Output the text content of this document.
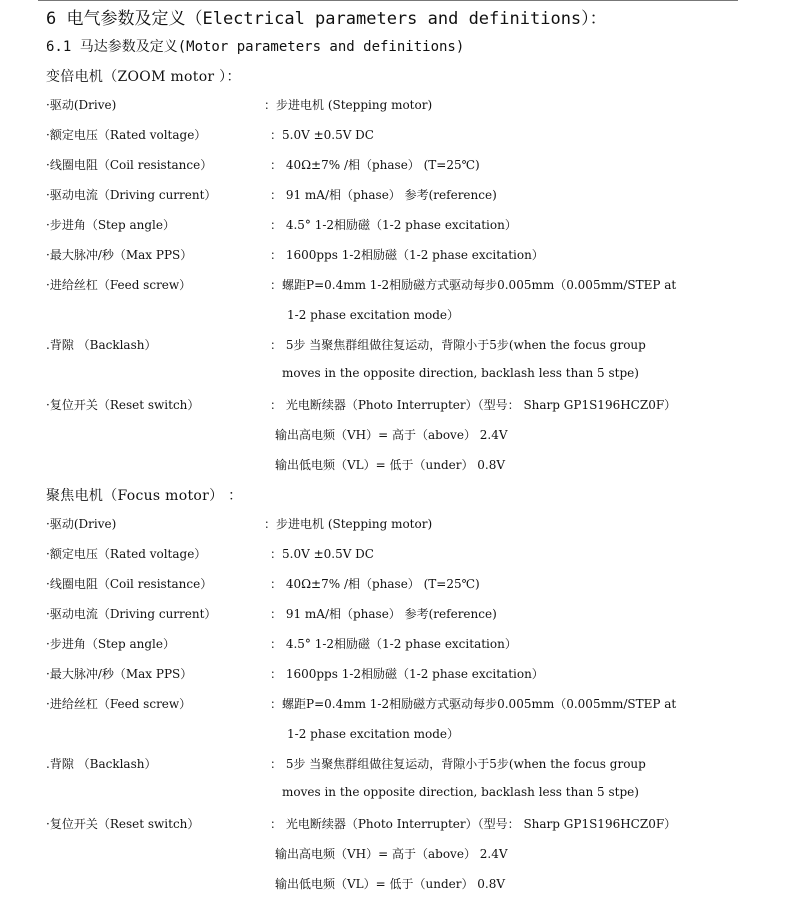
6 电气参数及定义（Electrical parameters and definitions）：
6.1 马达参数及定义(Motor parameters and definitions)
变倍电机（ZOOM motor ）：
·驱动(Drive)	：步进电机 (Stepping motor)
·额定电压（Rated voltage）	：5.0V ±0.5V DC
·线圈电阻（Coil resistance）	： 40Ω±7% /相（phase） (T=25℃)
·驱动电流（Driving current）	： 91 mA/相（phase） 参考(reference)
·步进角（Step angle）	： 4.5° 1-2相励磁（1-2 phase excitation）
·最大脉冲/秒（Max PPS）	： 1600pps 1-2相励磁（1-2 phase excitation）
·进给丝杠（Feed screw）	：螺距P=0.4mm 1-2相励磁方式驱动每步0.005mm（0.005mm/STEP at
1-2 phase excitation mode）
.背隙 （Backlash）	： 5步 当聚焦群组做往复运动，背隙小于5步(when the focus group
moves in the opposite direction, backlash less than 5 stpe)
·复位开关（Reset switch）	： 光电断续器（Photo Interrupter）（型号： Sharp GP1S196HCZ0F）
输出高电频（VH）= 高于（above） 2.4V
输出低电频（VL）= 低于（under） 0.8V
聚焦电机（Focus motor） ：
·驱动(Drive)	：步进电机 (Stepping motor)
·额定电压（Rated voltage）	：5.0V ±0.5V DC
·线圈电阻（Coil resistance）	： 40Ω±7% /相（phase） (T=25℃)
·驱动电流（Driving current）	： 91 mA/相（phase） 参考(reference)
·步进角（Step angle）	： 4.5° 1-2相励磁（1-2 phase excitation）
·最大脉冲/秒（Max PPS）	： 1600pps 1-2相励磁（1-2 phase excitation）
·进给丝杠（Feed screw）	：螺距P=0.4mm 1-2相励磁方式驱动每步0.005mm（0.005mm/STEP at
1-2 phase excitation mode）
.背隙 （Backlash）	： 5步 当聚焦群组做往复运动，背隙小于5步(when the focus group
moves in the opposite direction, backlash less than 5 stpe)
·复位开关（Reset switch）	： 光电断续器（Photo Interrupter）（型号： Sharp GP1S196HCZ0F）
输出高电频（VH）= 高于（above） 2.4V
输出低电频（VL）= 低于（under） 0.8V
